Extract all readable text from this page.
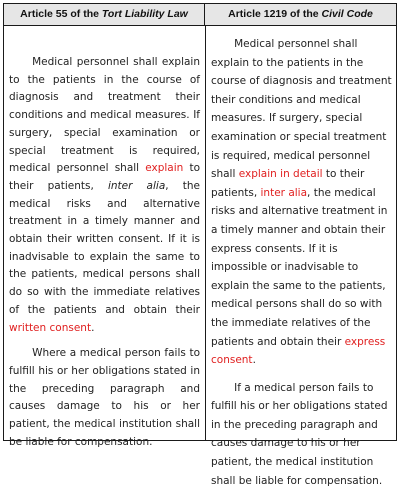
Article 55 of the Tort Liability Law	Article 1219 of the Civil Code
Medical personnel shall explain to the patients in the course of diagnosis and treatment their conditions and medical measures. If surgery, special examination or special treatment is required, medical personnel shall explain to their patients, inter alia, the medical risks and alternative treatment in a timely manner and obtain their written consent. If it is inadvisable to explain the same to the patients, medical persons shall do so with the immediate relatives of the patients and obtain their written consent.
Where a medical person fails to fulfill his or her obligations stated in the preceding paragraph and causes damage to his or her patient, the medical institution shall be liable for compensation.
Medical personnel shall explain to the patients in the course of diagnosis and treatment their conditions and medical measures. If surgery, special examination or special treatment is required, medical personnel shall explain in detail to their patients, inter alia, the medical risks and alternative treatment in a timely manner and obtain their express consents. If it is impossible or inadvisable to explain the same to the patients, medical persons shall do so with the immediate relatives of the patients and obtain their express consent.
If a medical person fails to fulfill his or her obligations stated in the preceding paragraph and causes damage to his or her patient, the medical institution shall be liable for compensation.
